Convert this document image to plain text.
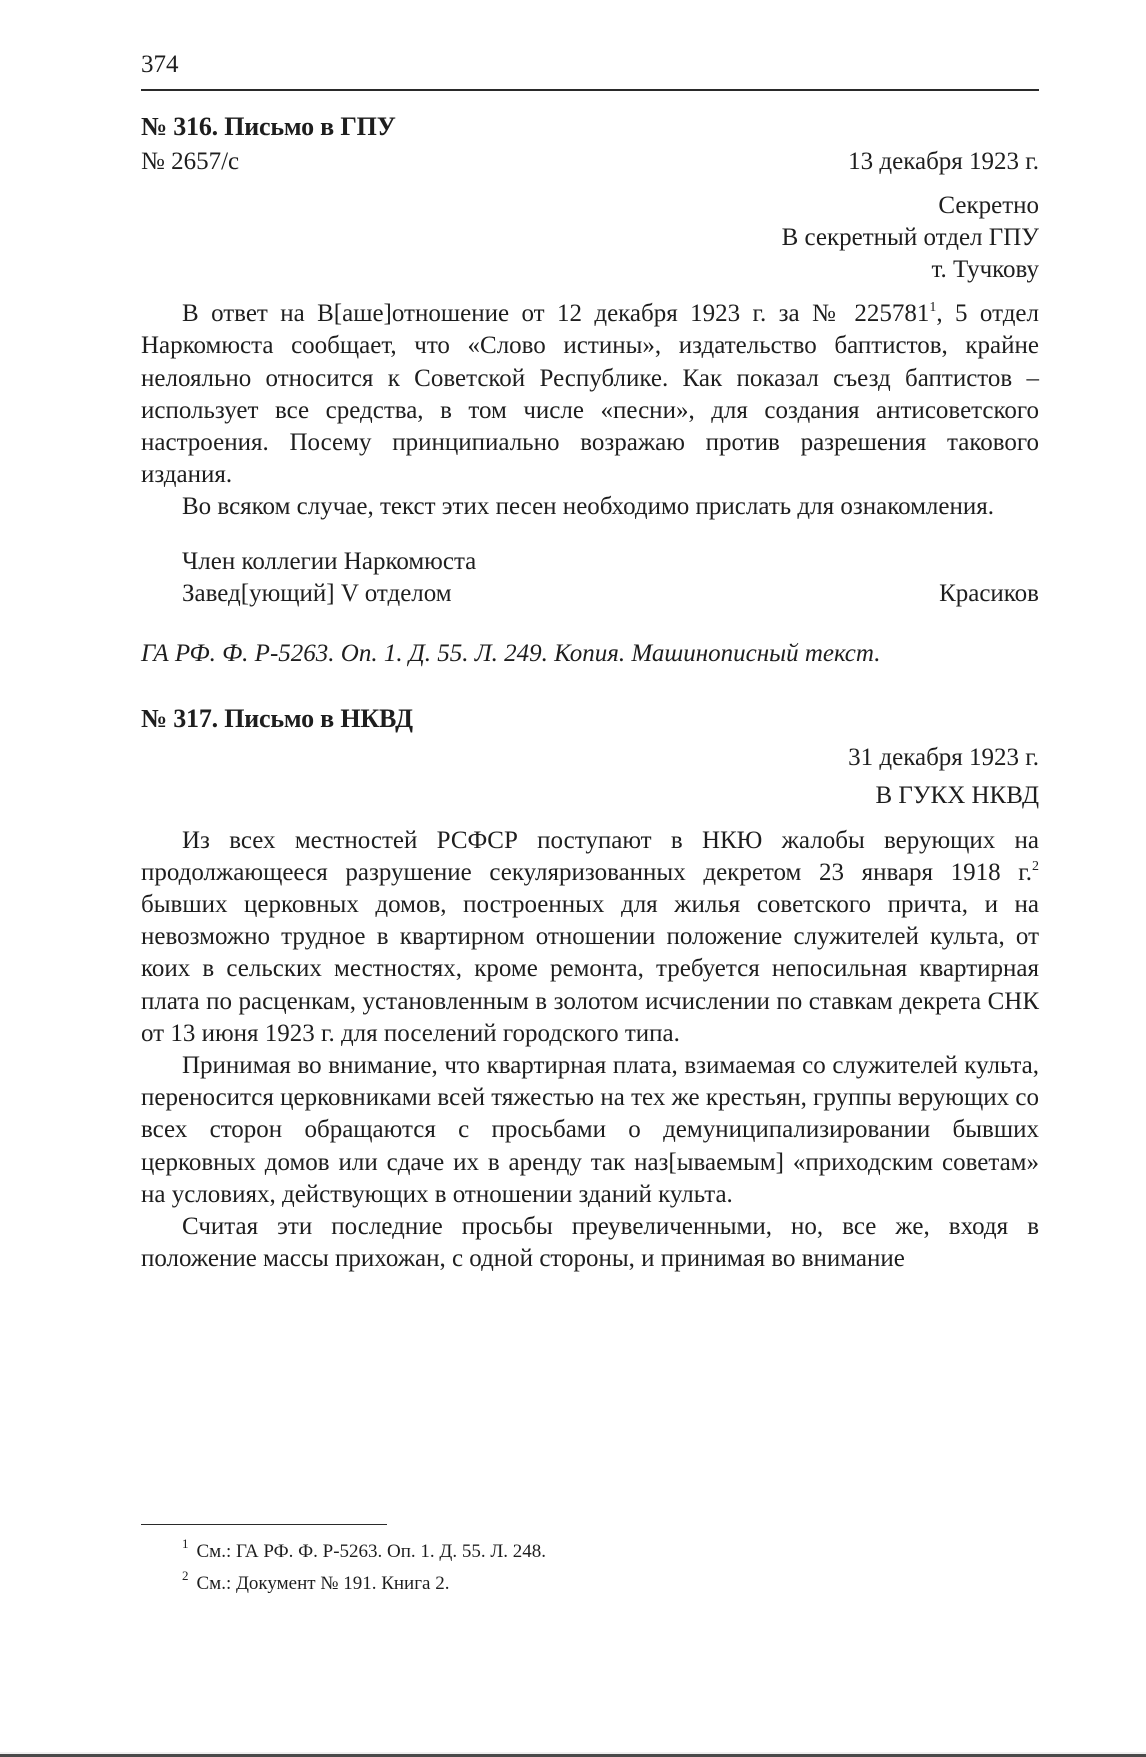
374
№ 316. Письмо в ГПУ
№ 2657/с	13 декабря 1923 г.
Секретно
В секретный отдел ГПУ
т. Тучкову

В ответ на В[аше]отношение от 12 декабря 1923 г. за № 225781$^1$, 5 отдел Наркомюста сообщает, что «Слово истины», издательство баптистов, крайне нелояльно относится к Советской Республике. Как показал съезд баптистов – использует все средства, в том числе «песни», для создания антисоветского настроения. Посему принципиально возражаю против разрешения такового издания.

Во всяком случае, текст этих песен необходимо прислать для ознакомления.

Член коллегии Наркомюста
Завед[ующий] V отделом	Красиков
ГА РФ. Ф. Р-5263. Оп. 1. Д. 55. Л. 249. Копия. Машинописный текст.
№ 317. Письмо в НКВД
31 декабря 1923 г.
В ГУКХ НКВД

Из всех местностей РСФСР поступают в НКЮ жалобы верующих на продолжающееся разрушение секуляризованных декретом 23 января 1918 г.$^2$ бывших церковных домов, построенных для жилья советского причта, и на невозможно трудное в квартирном отношении положение служителей культа, от коих в сельских местностях, кроме ремонта, требуется непосильная квартирная плата по расценкам, установленным в золотом исчислении по ставкам декрета СНК от 13 июня 1923 г. для поселений городского типа.

Принимая во внимание, что квартирная плата, взимаемая со служителей культа, переносится церковниками всей тяжестью на тех же крестьян, группы верующих со всех сторон обращаются с просьбами о демуниципализировании бывших церковных домов или сдаче их в аренду так наз[ываемым] «приходским советам» на условиях, действующих в отношении зданий культа.

Считая эти последние просьбы преувеличенными, но, все же, входя в положение массы прихожан, с одной стороны, и принимая во внимание

$^1$ См.: ГА РФ. Ф. Р-5263. Оп. 1. Д. 55. Л. 248.
$^2$ См.: Документ № 191. Книга 2.
